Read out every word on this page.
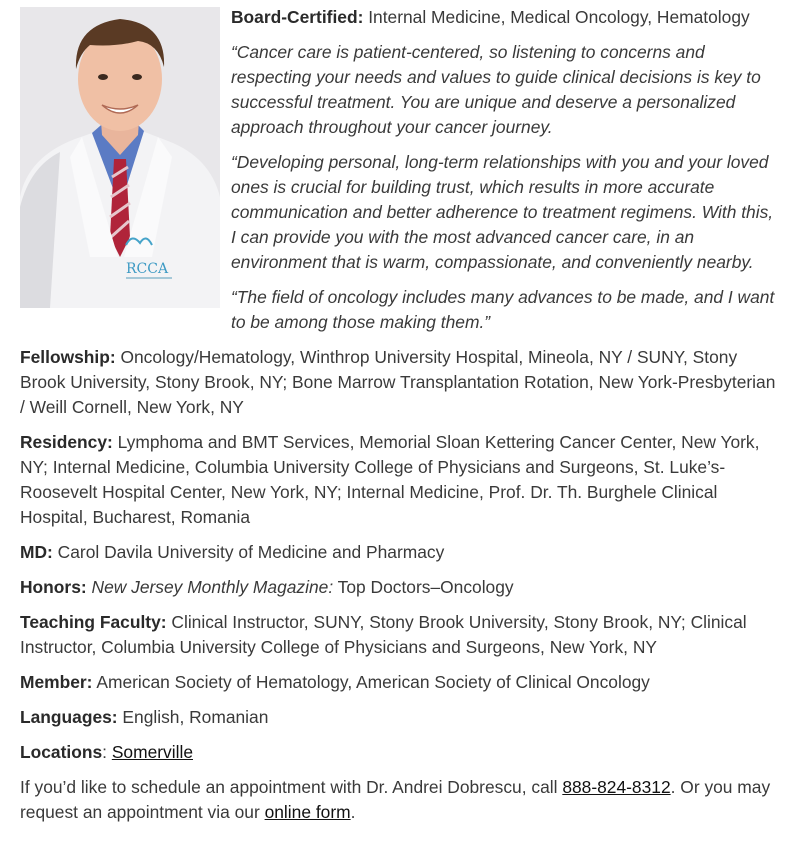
RCCA

Board-Certified: Internal Medicine, Medical Oncology, Hematology

“Cancer care is patient-centered, so listening to concerns and respecting your needs and values to guide clinical decisions is key to successful treatment. You are unique and deserve a personalized approach throughout your cancer journey.

“Developing personal, long-term relationships with you and your loved ones is crucial for building trust, which results in more accurate communication and better adherence to treatment regimens. With this, I can provide you with the most advanced cancer care, in an environment that is warm, compassionate, and conveniently nearby.

“The field of oncology includes many advances to be made, and I want to be among those making them.”

Fellowship: Oncology/Hematology, Winthrop University Hospital, Mineola, NY / SUNY, Stony Brook University, Stony Brook, NY; Bone Marrow Transplantation Rotation, New York-Presbyterian / Weill Cornell, New York, NY

Residency: Lymphoma and BMT Services, Memorial Sloan Kettering Cancer Center, New York, NY; Internal Medicine, Columbia University College of Physicians and Surgeons, St. Luke’s-Roosevelt Hospital Center, New York, NY; Internal Medicine, Prof. Dr. Th. Burghele Clinical Hospital, Bucharest, Romania

MD: Carol Davila University of Medicine and Pharmacy

Honors: New Jersey Monthly Magazine: Top Doctors–Oncology

Teaching Faculty: Clinical Instructor, SUNY, Stony Brook University, Stony Brook, NY; Clinical Instructor, Columbia University College of Physicians and Surgeons, New York, NY

Member: American Society of Hematology, American Society of Clinical Oncology

Languages: English, Romanian

Locations: Somerville

If you’d like to schedule an appointment with Dr. Andrei Dobrescu, call 888-824-8312. Or you may request an appointment via our online form.
